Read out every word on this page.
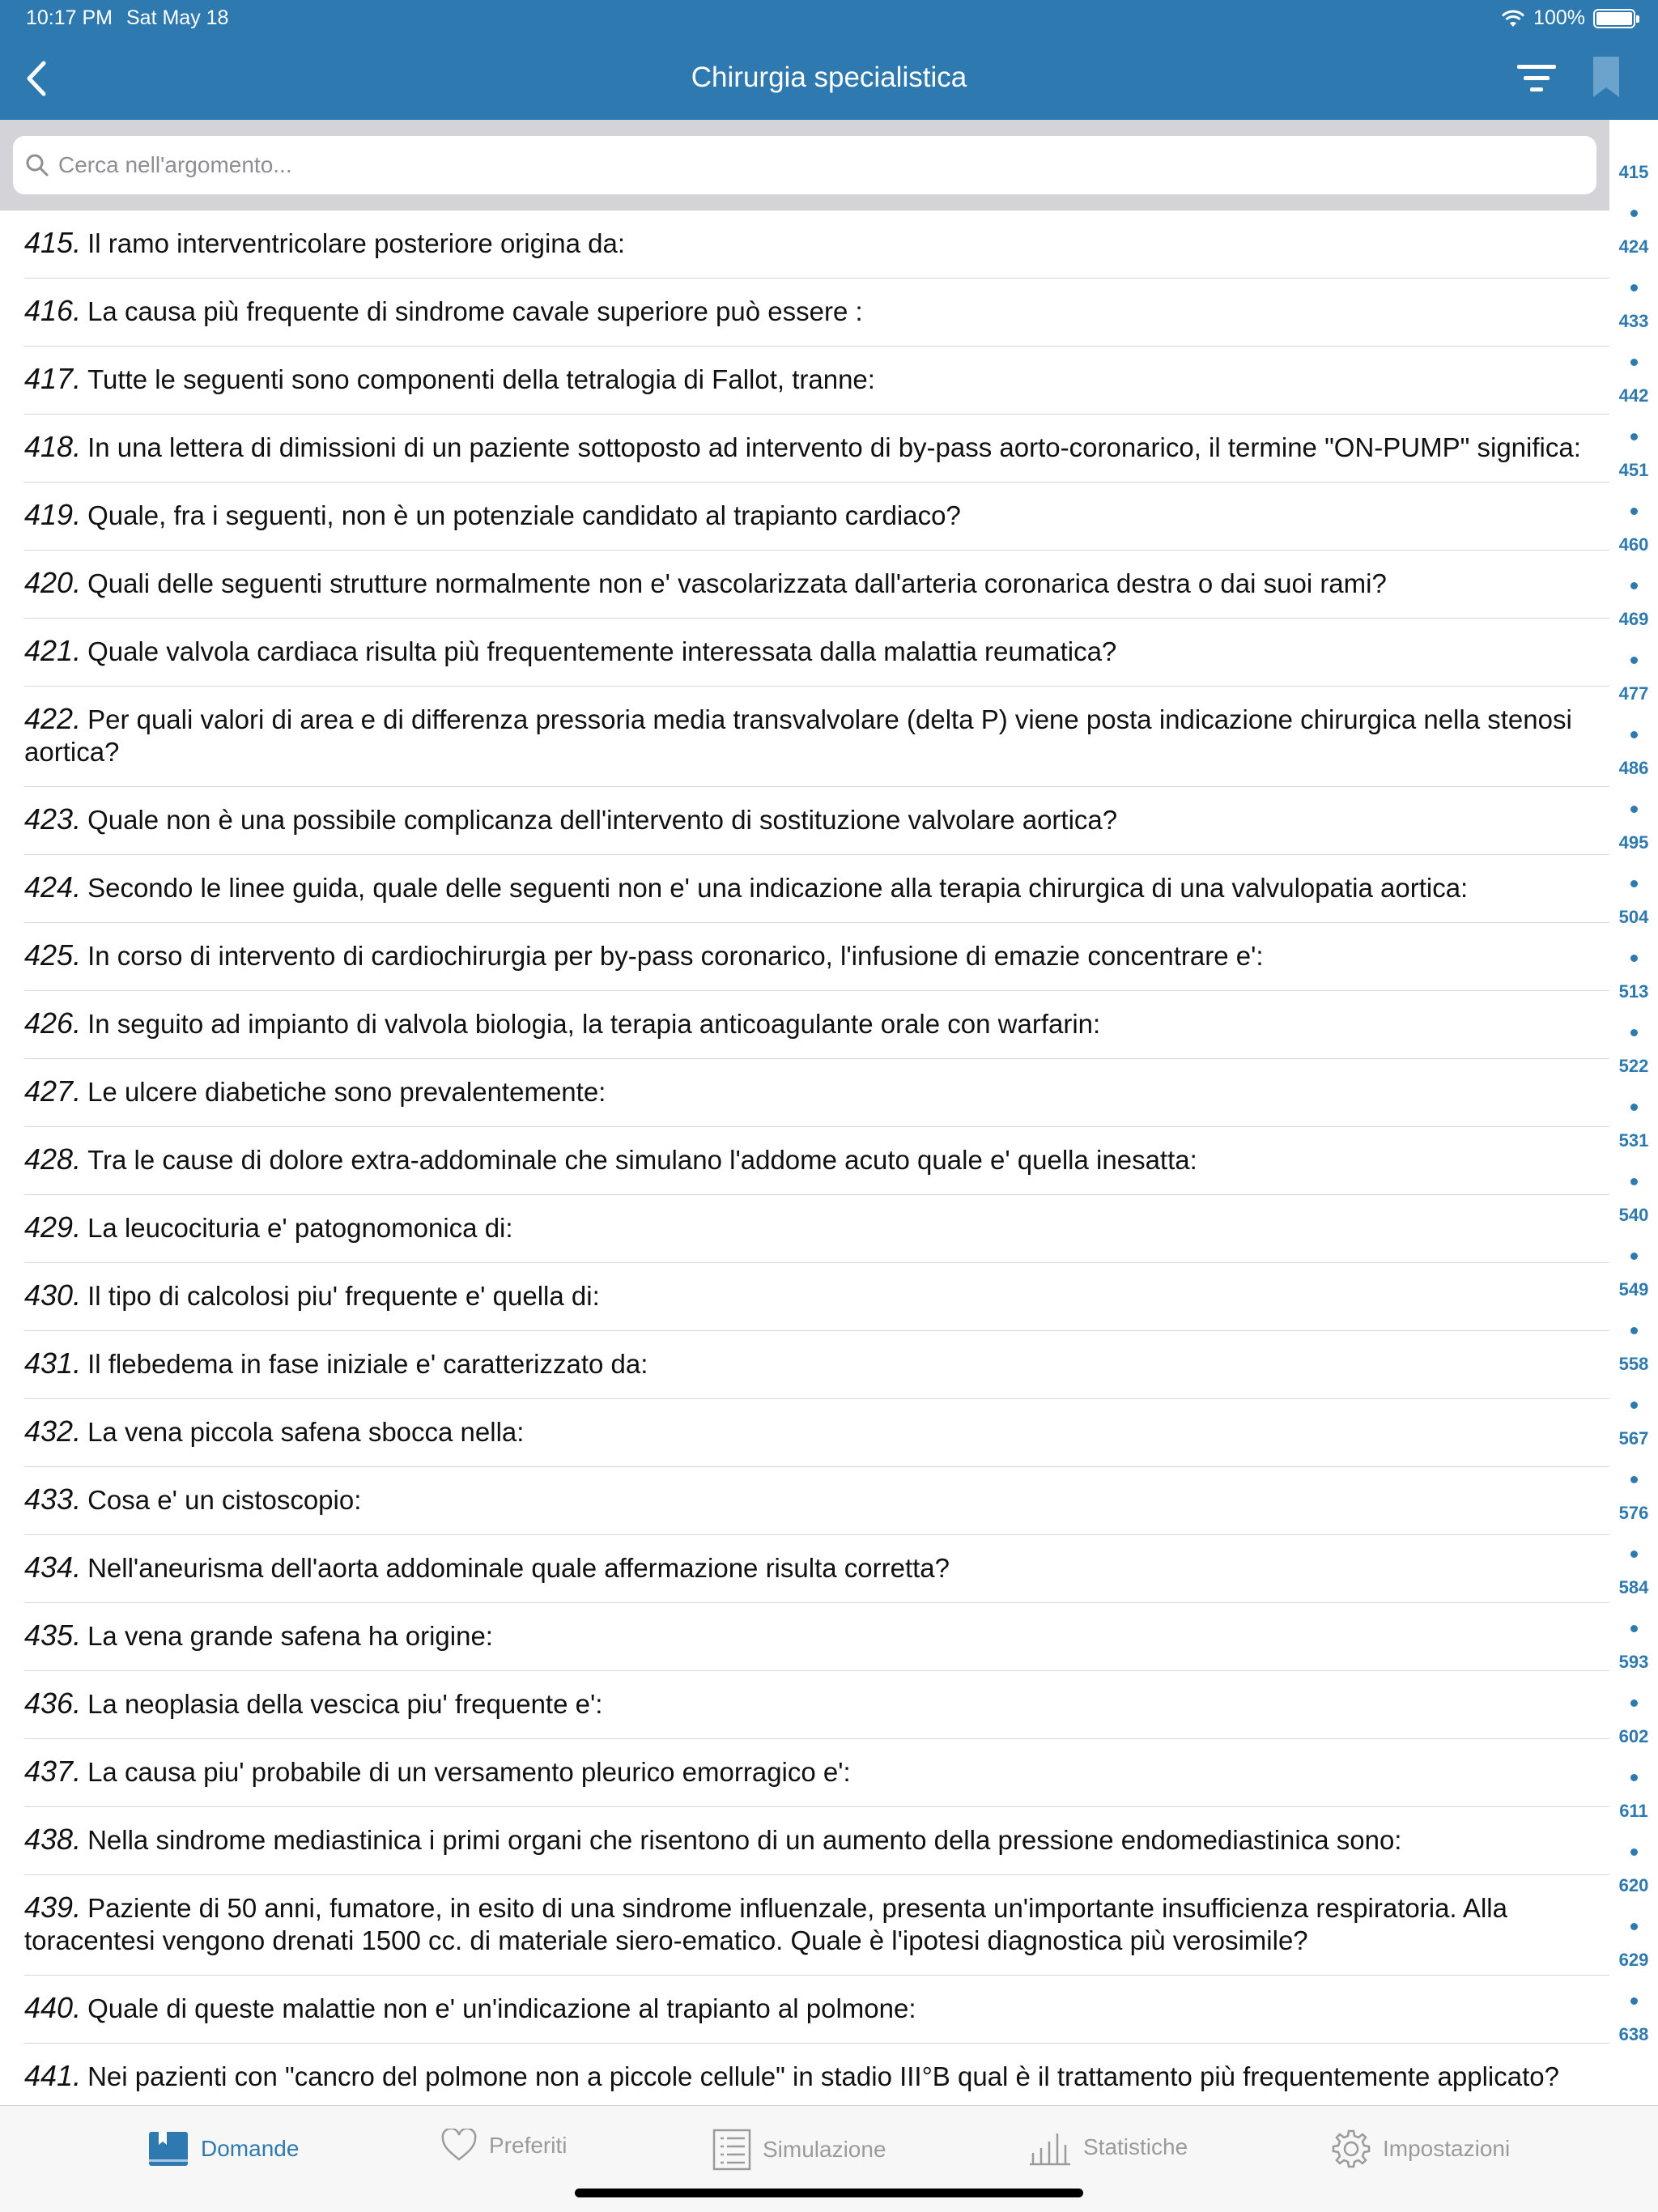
10:17 PM Sat May 18	100%
Chirurgia specialistica
Cerca nell'argomento...
415. Il ramo interventricolare posteriore origina da:
416. La causa più frequente di sindrome cavale superiore può essere :
417. Tutte le seguenti sono componenti della tetralogia di Fallot, tranne:
418. In una lettera di dimissioni di un paziente sottoposto ad intervento di by-pass aorto-coronarico, il termine "ON-PUMP" significa:
419. Quale, fra i seguenti, non è un potenziale candidato al trapianto cardiaco?
420. Quali delle seguenti strutture normalmente non e' vascolarizzata dall'arteria coronarica destra o dai suoi rami?
421. Quale valvola cardiaca risulta più frequentemente interessata dalla malattia reumatica?
422. Per quali valori di area e di differenza pressoria media transvalvolare (delta P) viene posta indicazione chirurgica nella stenosi aortica?
423. Quale non è una possibile complicanza dell'intervento di sostituzione valvolare aortica?
424. Secondo le linee guida, quale delle seguenti non e' una indicazione alla terapia chirurgica di una valvulopatia aortica:
425. In corso di intervento di cardiochirurgia per by-pass coronarico, l'infusione di emazie concentrare e':
426. In seguito ad impianto di valvola biologia, la terapia anticoagulante orale con warfarin:
427. Le ulcere diabetiche sono prevalentemente:
428. Tra le cause di dolore extra-addominale che simulano l'addome acuto quale e' quella inesatta:
429. La leucocituria e' patognomonica di:
430. Il tipo di calcolosi piu' frequente e' quella di:
431. Il flebedema in fase iniziale e' caratterizzato da:
432. La vena piccola safena sbocca nella:
433. Cosa e' un cistoscopio:
434. Nell'aneurisma dell'aorta addominale quale affermazione risulta corretta?
435. La vena grande safena ha origine:
436. La neoplasia della vescica piu' frequente e':
437. La causa piu' probabile di un versamento pleurico emorragico e':
438. Nella sindrome mediastinica i primi organi che risentono di un aumento della pressione endomediastinica sono:
439. Paziente di 50 anni, fumatore, in esito di una sindrome influenzale, presenta un'importante insufficienza respiratoria. Alla toracentesi vengono drenati 1500 cc. di materiale siero-ematico. Quale è l'ipotesi diagnostica più verosimile?
440. Quale di queste malattie non e' un'indicazione al trapianto al polmone:
441. Nei pazienti con "cancro del polmone non a piccole cellule" in stadio III°B qual è il trattamento più frequentemente applicato?
415
424
433
442
451
460
469
477
486
495
504
513
522
531
540
549
558
567
576
584
593
602
611
620
629
638
Domande	Preferiti	Simulazione	Statistiche	Impostazioni
